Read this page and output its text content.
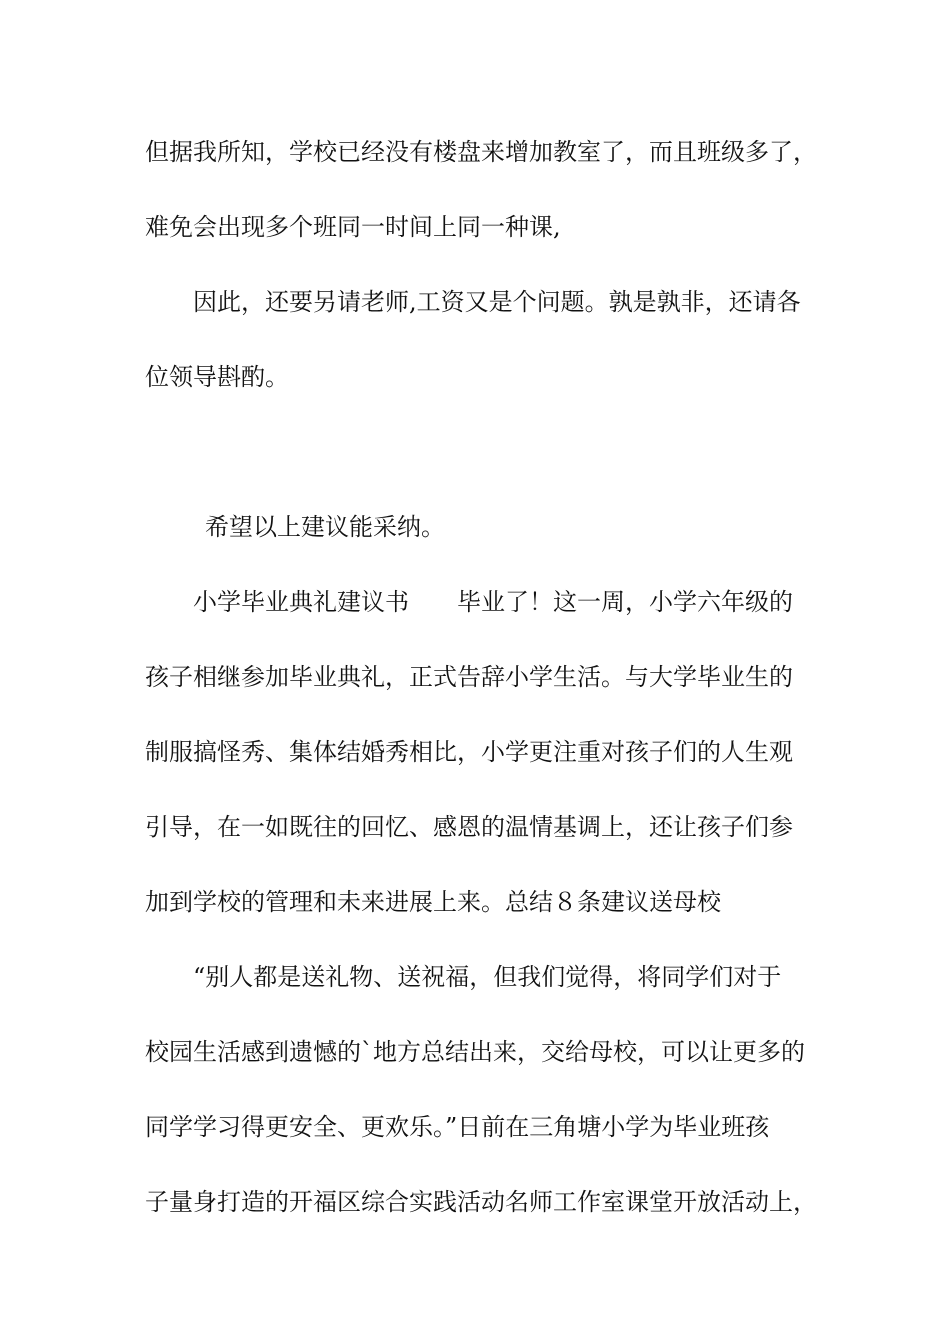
但据我所知，学校已经没有楼盘来增加教室了，而且班级多了，
难免会出现多个班同一时间上同一种课,
因此，还要另请老师,工资又是个问题。孰是孰非，还请各
位领导斟酌。
希望以上建议能采纳。
小学毕业典礼建议书　　毕业了！这一周，小学六年级的
孩子相继参加毕业典礼，正式告辞小学生活。与大学毕业生的
制服搞怪秀、集体结婚秀相比，小学更注重对孩子们的人生观
引导，在一如既往的回忆、感恩的温情基调上，还让孩子们参
加到学校的管理和未来进展上来。总结８条建议送母校
“别人都是送礼物、送祝福，但我们觉得，将同学们对于
校园生活感到遗憾的`地方总结出来，交给母校，可以让更多的
同学学习得更安全、更欢乐。”日前在三角塘小学为毕业班孩
子量身打造的开福区综合实践活动名师工作室课堂开放活动上，
